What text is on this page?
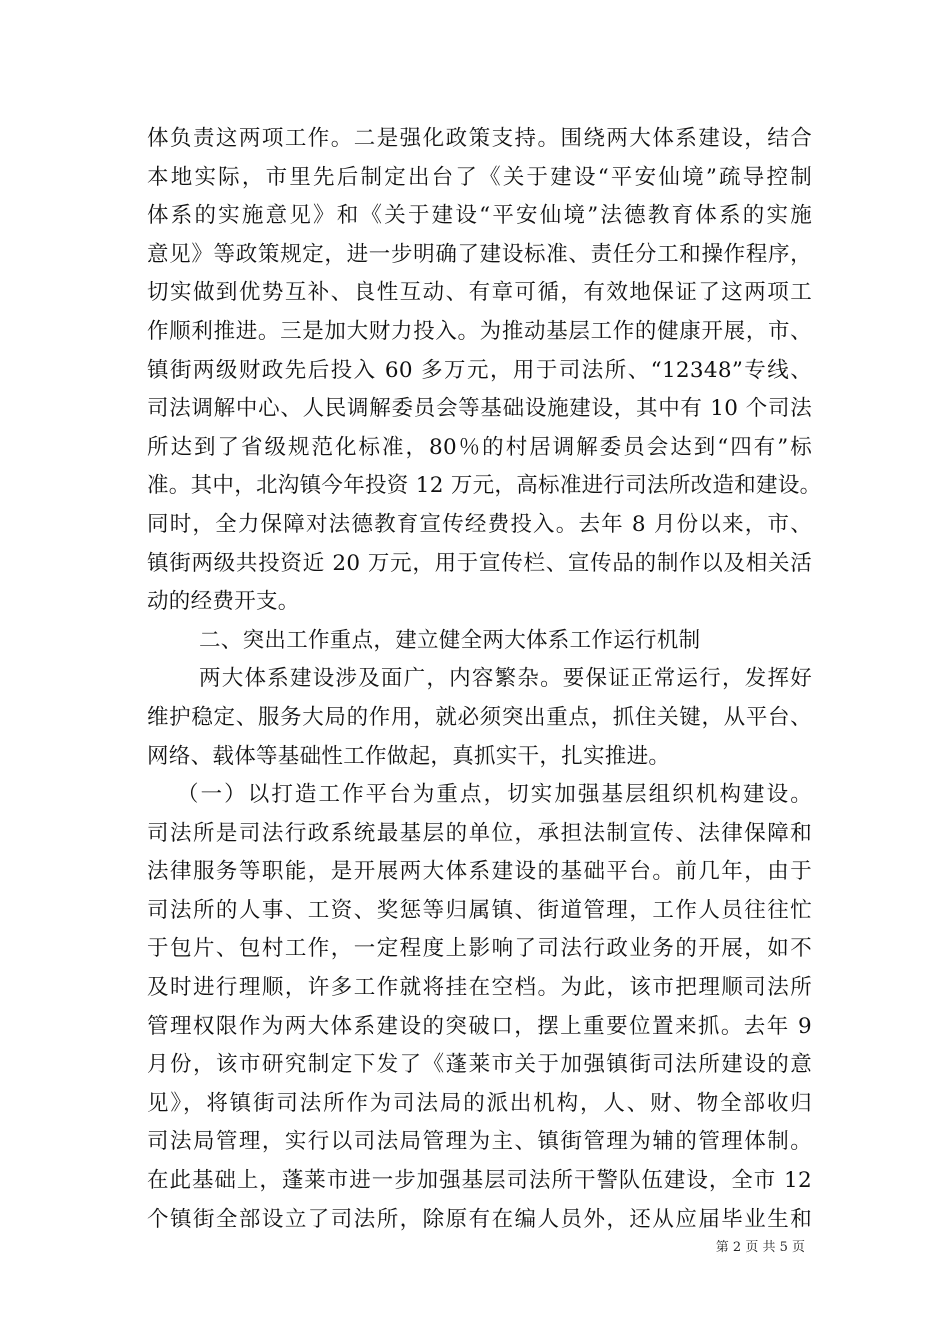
体负责这两项工作。二是强化政策支持。围绕两大体系建设，结合
本地实际，市里先后制定出台了《关于建设“平安仙境”疏导控制
体系的实施意见》和《关于建设“平安仙境”法德教育体系的实施
意见》等政策规定，进一步明确了建设标准、责任分工和操作程序，
切实做到优势互补、良性互动、有章可循，有效地保证了这两项工
作顺利推进。三是加大财力投入。为推动基层工作的健康开展，市、
镇街两级财政先后投入 60 多万元，用于司法所、“12348”专线、
司法调解中心、人民调解委员会等基础设施建设，其中有 10 个司法
所达到了省级规范化标准，80％的村居调解委员会达到“四有”标
准。其中，北沟镇今年投资 12 万元，高标准进行司法所改造和建设。
同时，全力保障对法德教育宣传经费投入。去年 8 月份以来，市、
镇街两级共投资近 20 万元，用于宣传栏、宣传品的制作以及相关活
动的经费开支。
二、突出工作重点，建立健全两大体系工作运行机制
两大体系建设涉及面广，内容繁杂。要保证正常运行，发挥好
维护稳定、服务大局的作用，就必须突出重点，抓住关键，从平台、
网络、载体等基础性工作做起，真抓实干，扎实推进。
（一）以打造工作平台为重点，切实加强基层组织机构建设。
司法所是司法行政系统最基层的单位，承担法制宣传、法律保障和
法律服务等职能，是开展两大体系建设的基础平台。前几年，由于
司法所的人事、工资、奖惩等归属镇、街道管理，工作人员往往忙
于包片、包村工作，一定程度上影响了司法行政业务的开展，如不
及时进行理顺，许多工作就将挂在空档。为此，该市把理顺司法所
管理权限作为两大体系建设的突破口，摆上重要位置来抓。去年 9
月份，该市研究制定下发了《蓬莱市关于加强镇街司法所建设的意
见》，将镇街司法所作为司法局的派出机构，人、财、物全部收归
司法局管理，实行以司法局管理为主、镇街管理为辅的管理体制。
在此基础上，蓬莱市进一步加强基层司法所干警队伍建设，全市 12
个镇街全部设立了司法所，除原有在编人员外，还从应届毕业生和
第 2 页 共 5 页
